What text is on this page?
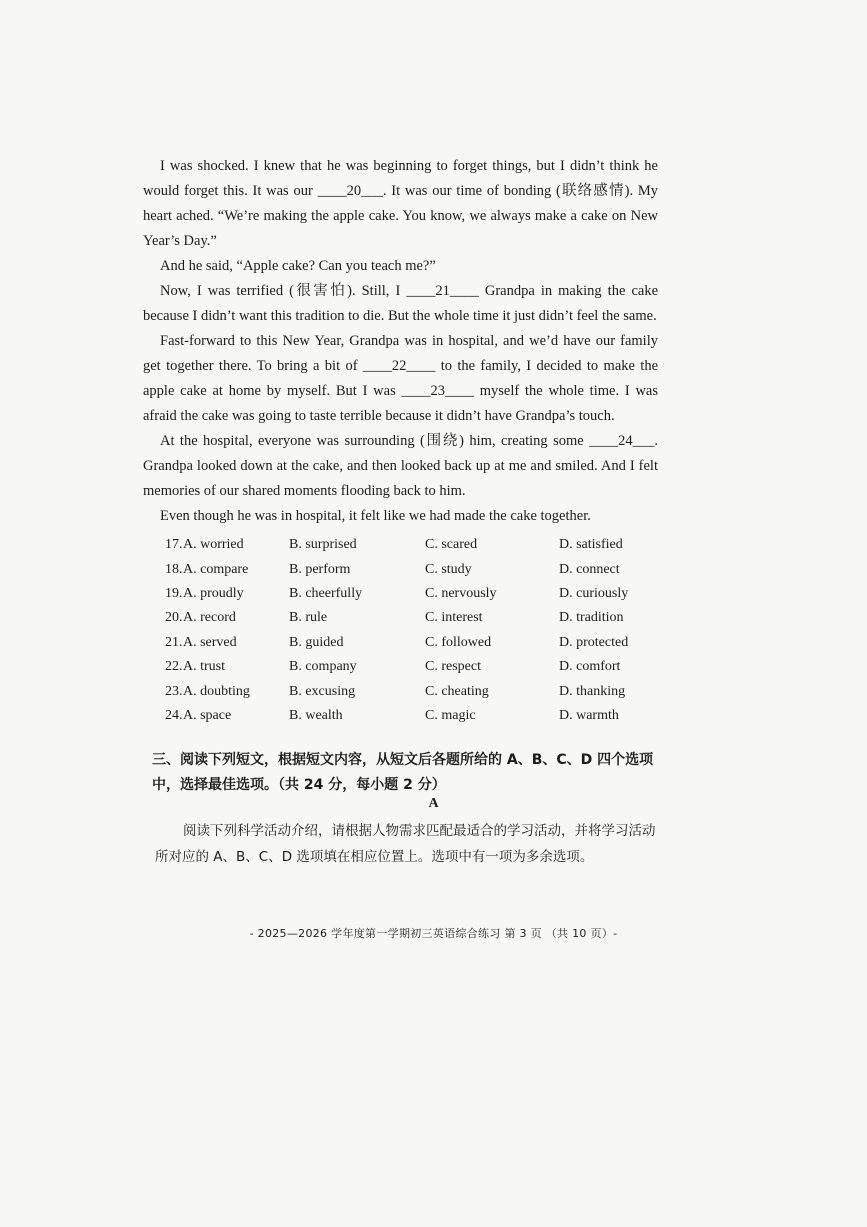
I was shocked. I knew that he was beginning to forget things, but I didn’t think he would forget this. It was our ____20___. It was our time of bonding (联络感情). My heart ached. “We’re making the apple cake. You know, we always make a cake on New Year’s Day.”

And he said, “Apple cake? Can you teach me?”

Now, I was terrified (很害怕). Still, I ____21____ Grandpa in making the cake because I didn’t want this tradition to die. But the whole time it just didn’t feel the same.

Fast-forward to this New Year, Grandpa was in hospital, and we’d have our family get together there. To bring a bit of ____22____ to the family, I decided to make the apple cake at home by myself. But I was ____23____ myself the whole time. I was afraid the cake was going to taste terrible because it didn’t have Grandpa’s touch.

At the hospital, everyone was surrounding (围绕) him, creating some ____24___. Grandpa looked down at the cake, and then looked back up at me and smiled. And I felt memories of our shared moments flooding back to him.

Even though he was in hospital, it felt like we had made the cake together.

17. A. worried	B. surprised	C. scared	D. satisfied
18. A. compare	B. perform	C. study	D. connect
19. A. proudly	B. cheerfully	C. nervously	D. curiously
20. A. record	B. rule	C. interest	D. tradition
21. A. served	B. guided	C. followed	D. protected
22. A. trust	B. company	C. respect	D. comfort
23. A. doubting	B. excusing	C. cheating	D. thanking
24. A. space	B. wealth	C. magic	D. warmth
三、阅读下列短文，根据短文内容，从短文后各题所给的 A、B、C、D 四个选项中，选择最佳选项。（共 24 分，每小题 2 分）
A
阅读下列科学活动介绍，请根据人物需求匹配最适合的学习活动，并将学习活动所对应的 A、B、C、D 选项填在相应位置上。选项中有一项为多余选项。
- 2025—2026 学年度第一学期初三英语综合练习 第 3 页 （共 10 页）-
